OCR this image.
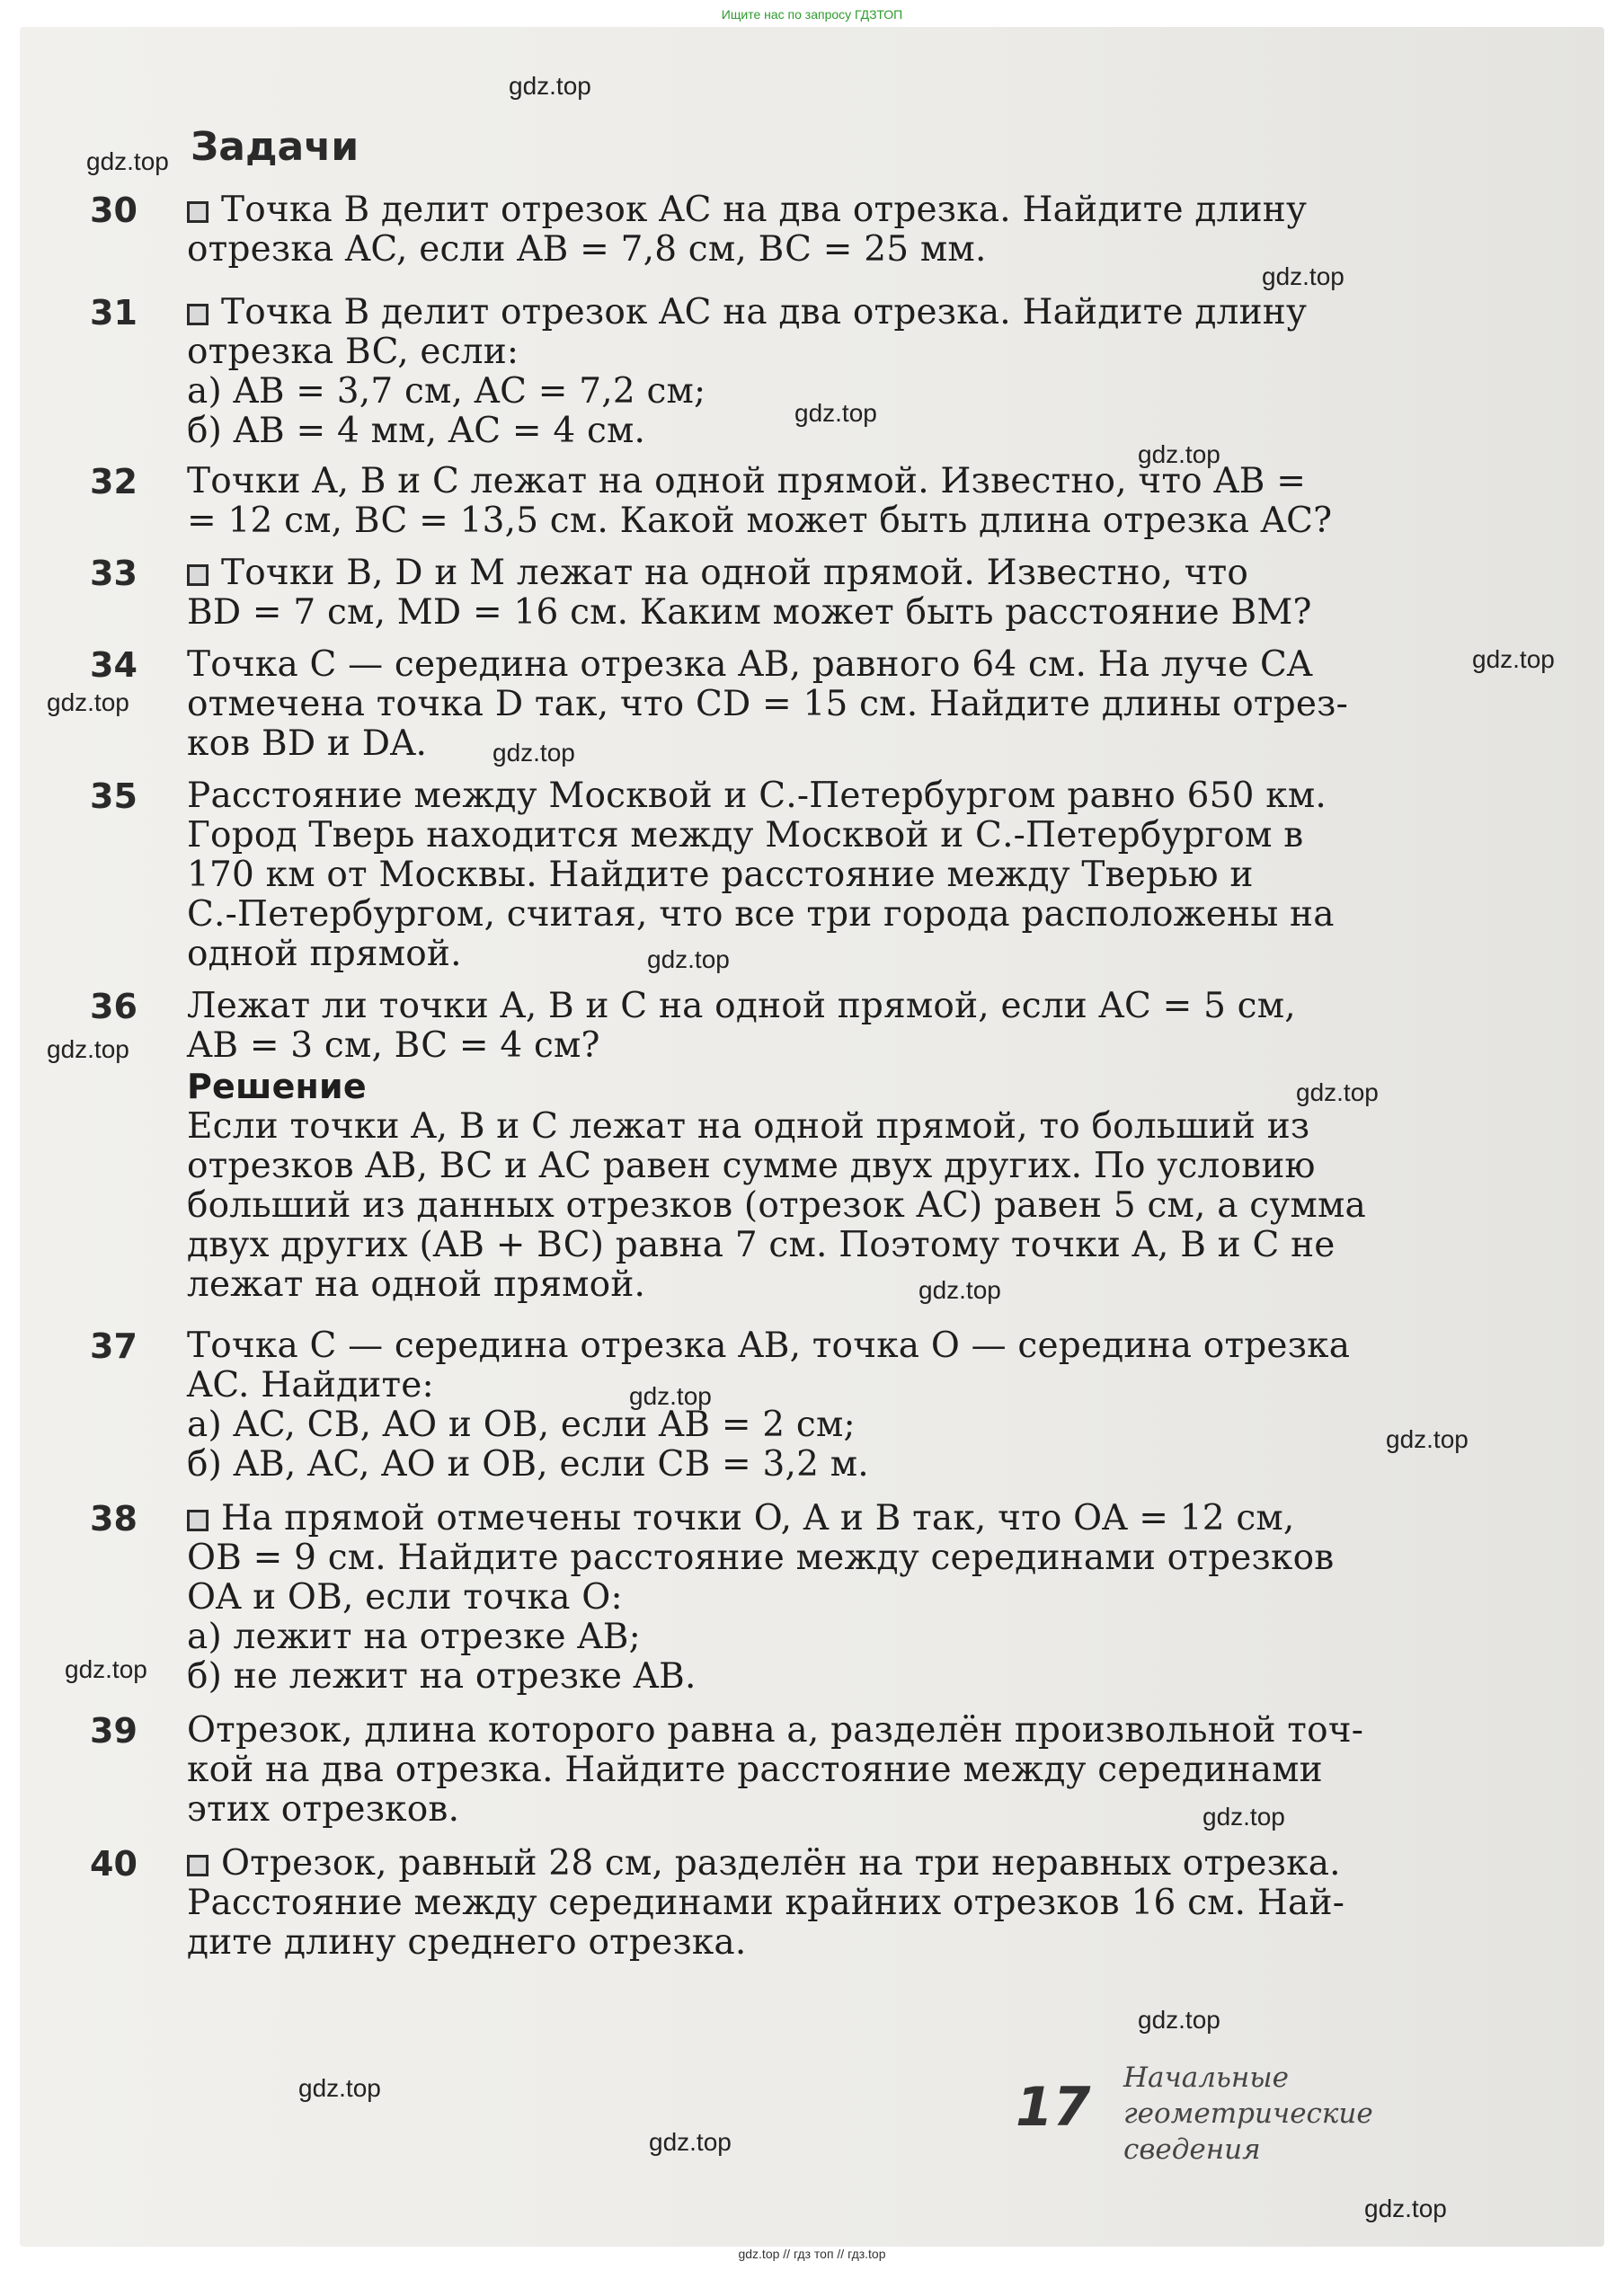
Ищите нас по запросу ГДЗТОП
Задачи
30	Точка B делит отрезок AC на два отрезка. Найдите длину
отрезка AC, если AB = 7,8 см, BC = 25 мм.
31	Точка B делит отрезок AC на два отрезка. Найдите длину
отрезка BC, если:
а) AB = 3,7 см, AC = 7,2 см;
б) AB = 4 мм, AC = 4 см.
32	Точки A, B и C лежат на одной прямой. Известно, что AB =
= 12 см, BC = 13,5 см. Какой может быть длина отрезка AC?
33	Точки B, D и M лежат на одной прямой. Известно, что
BD = 7 см, MD = 16 см. Каким может быть расстояние BM?
34	Точка C — середина отрезка AB, равного 64 см. На луче CA
отмечена точка D так, что CD = 15 см. Найдите длины отрез-
ков BD и DA.
35	Расстояние между Москвой и С.-Петербургом равно 650 км.
Город Тверь находится между Москвой и С.-Петербургом в
170 км от Москвы. Найдите расстояние между Тверью и
С.-Петербургом, считая, что все три города расположены на
одной прямой.
36	Лежат ли точки A, B и C на одной прямой, если AC = 5 см,
AB = 3 см, BC = 4 см?
Решение
Если точки A, B и C лежат на одной прямой, то больший из
отрезков AB, BC и AC равен сумме двух других. По условию
больший из данных отрезков (отрезок AC) равен 5 см, а сумма
двух других (AB + BC) равна 7 см. Поэтому точки A, B и C не
лежат на одной прямой.
37	Точка C — середина отрезка AB, точка O — середина отрезка
AC. Найдите:
а) AC, CB, AO и OB, если AB = 2 см;
б) AB, AC, AO и OB, если CB = 3,2 м.
38	На прямой отмечены точки O, A и B так, что OA = 12 см,
OB = 9 см. Найдите расстояние между серединами отрезков
OA и OB, если точка O:
а) лежит на отрезке AB;
б) не лежит на отрезке AB.
39	Отрезок, длина которого равна a, разделён произвольной точ-
кой на два отрезка. Найдите расстояние между серединами
этих отрезков.
40	Отрезок, равный 28 см, разделён на три неравных отрезка.
Расстояние между серединами крайних отрезков 16 см. Най-
дите длину среднего отрезка.
17 Начальные
геометрические
сведения
gdz.top
gdz.top
gdz.top
gdz.top
gdz.top
gdz.top
gdz.top
gdz.top
gdz.top
gdz.top
gdz.top
gdz.top
gdz.top
gdz.top
gdz.top
gdz.top
gdz.top
gdz.top
gdz.top
gdz.top
gdz.top // гдз топ // гдз.top
